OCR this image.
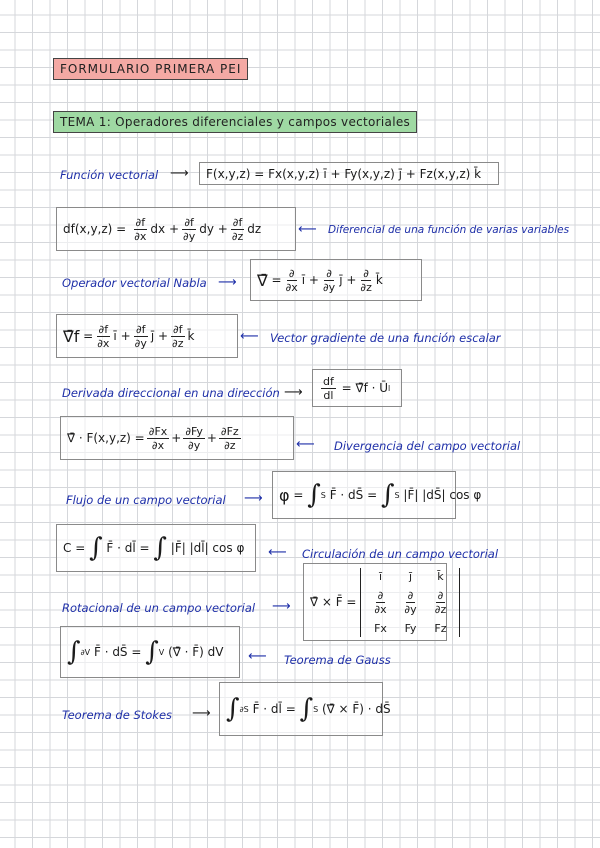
FORMULARIO PRIMERA PEI
TEMA 1: Operadores diferenciales y campos vectoriales
Función vectorial ⟶ F(x,y,z) = Fx(x,y,z) ī + Fy(x,y,z) j̄ + Fz(x,y,z) k̄
$df(x,y,z) = \frac{\partial f}{\partial x}$ dx + $\frac{\partial f}{\partial y}$ dy + $\frac{\partial f}{\partial z}$ dz	⟵ Diferencial de una función de varias variables
Operador vectorial Nabla ⟶ ∇̄ = $\frac{\partial}{\partial x}$ ī + $\frac{\partial}{\partial y}$ j̄ + $\frac{\partial}{\partial z}$ k̄
∇̄f = $\frac{\partial f}{\partial x}$ ī + $\frac{\partial f}{\partial y}$ j̄ + $\frac{\partial f}{\partial z}$ k̄	⟵ Vector gradiente de una función escalar
Derivada direccional en una dirección ⟶ $\frac{df}{dl}$ = ∇̄f · Ū l
∇̄ · $F(x,y,z) = \frac{\partial Fx}{\partial x} + \frac{\partial Fy}{\partial y} + \frac{\partial Fz}{\partial z}$	⟵ Divergencia del campo vectorial
Flujo de un campo vectorial ⟶ φ = ∫ S F̄ · dS̄ = ∫ S
|F̄| |dS̄| cos φ
C = ∫ F̄ · dl̄ = ∫
|F̄| |dl̄| cos φ ⟵ Circulación de un campo vectorial
Rotacional de un campo vectorial ⟶	∇̄ × F̄ =
ī	j̄	k̄
$\frac{\partial}{\partial x} \frac{\partial}{\partial y} \frac{\partial}{\partial z}$
Fx	Fy	Fz
∫ ∂V F̄ · dS̄ = ∫ V (∇̄ · F̄) dV	⟵ Teorema de Gauss
Teorema de Stokes ⟶ ∫ ∂S F̄ · dl̄ = ∫ S (∇̄ × F̄) · dS̄
